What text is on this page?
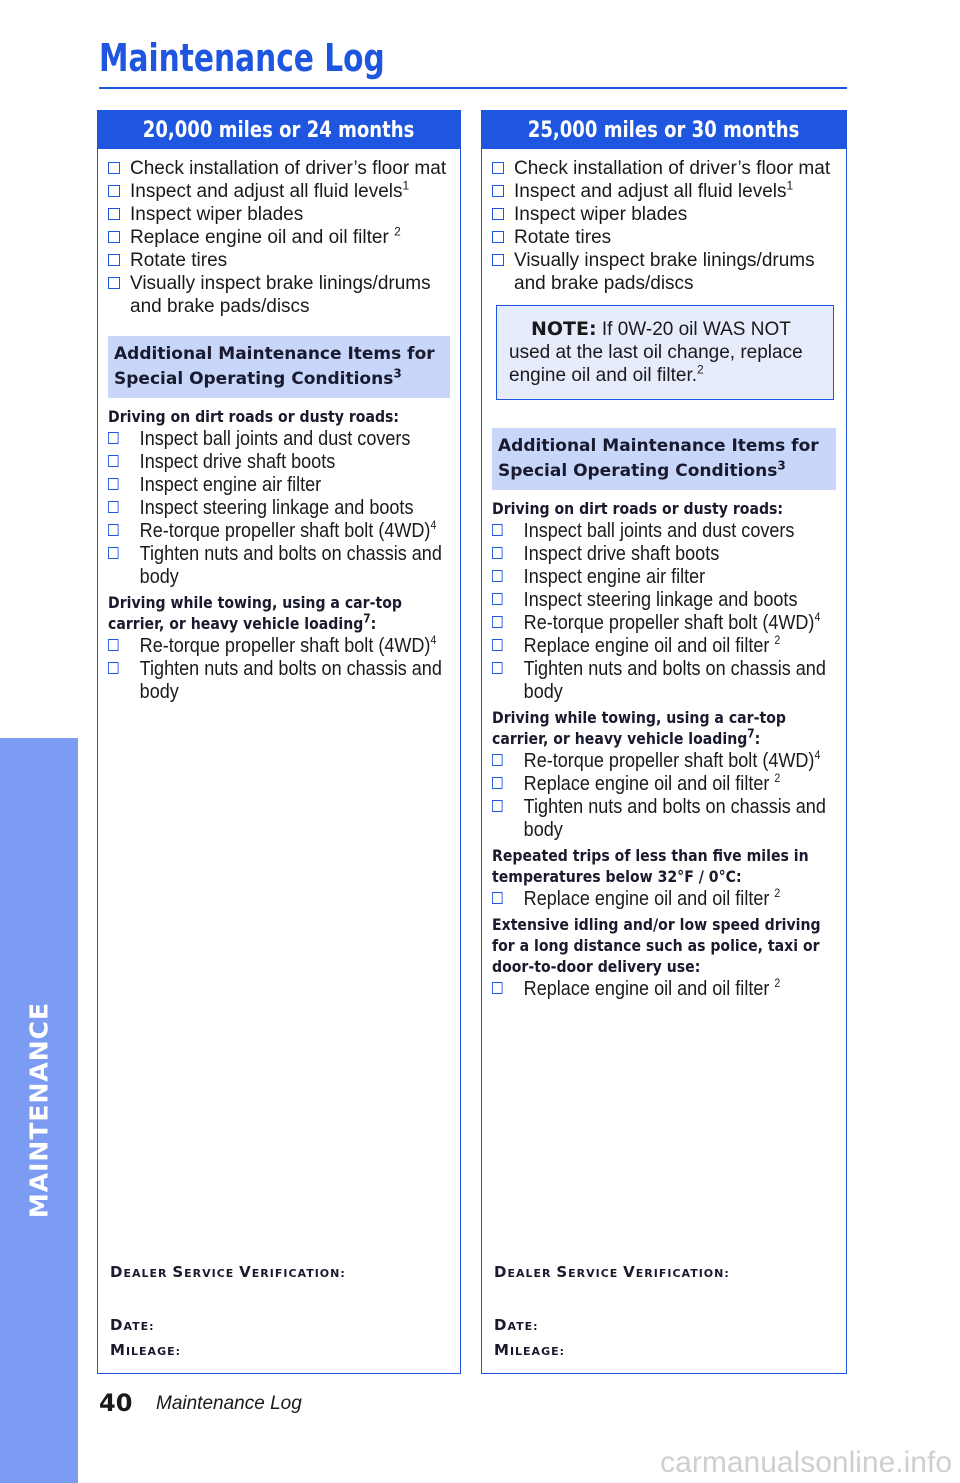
Maintenance Log
MAINTENANCE
20,000 miles or 24 months
Check installation of driver’s floor mat
Inspect and adjust all fluid levels$^1$
Inspect wiper blades
Replace engine oil and oil filter $^2$
Rotate tires
Visually inspect brake linings/drums and brake pads/discs
Additional Maintenance Items for Special Operating Conditions$^3$
Driving on dirt roads or dusty roads:
Inspect ball joints and dust covers
Inspect drive shaft boots
Inspect engine air filter
Inspect steering linkage and boots
Re-torque propeller shaft bolt $(4WD)^4$
Tighten nuts and bolts on chassis and body
Driving while towing, using a car-top carrier, or heavy vehicle loading$^7$:
Re-torque propeller shaft bolt $(4WD)^4$
Tighten nuts and bolts on chassis and body
DEALER SERVICE VERIFICATION:
DATE:
MILEAGE:
25,000 miles or 30 months
Check installation of driver’s floor mat
Inspect and adjust all fluid levels$^1$
Inspect wiper blades
Rotate tires
Visually inspect brake linings/drums and brake pads/discs
NOTE: If 0W-20 oil WAS NOT used at the last oil change, replace engine oil and oil filter.$^2$
Additional Maintenance Items for Special Operating Conditions$^3$
Driving on dirt roads or dusty roads:
Inspect ball joints and dust covers
Inspect drive shaft boots
Inspect engine air filter
Inspect steering linkage and boots
Re-torque propeller shaft bolt $(4WD)^4$
Replace engine oil and oil filter $^2$
Tighten nuts and bolts on chassis and body
Driving while towing, using a car-top carrier, or heavy vehicle loading$^7$:
Re-torque propeller shaft bolt $(4WD)^4$
Replace engine oil and oil filter $^2$
Tighten nuts and bolts on chassis and body
Repeated trips of less than five miles in temperatures below 32°F / 0°C:
Replace engine oil and oil filter $^2$
Extensive idling and/or low speed driving for a long distance such as police, taxi or door-to-door delivery use:
Replace engine oil and oil filter $^2$
DEALER SERVICE VERIFICATION:
DATE:
MILEAGE:
40 Maintenance Log
carmanualsonline.info
